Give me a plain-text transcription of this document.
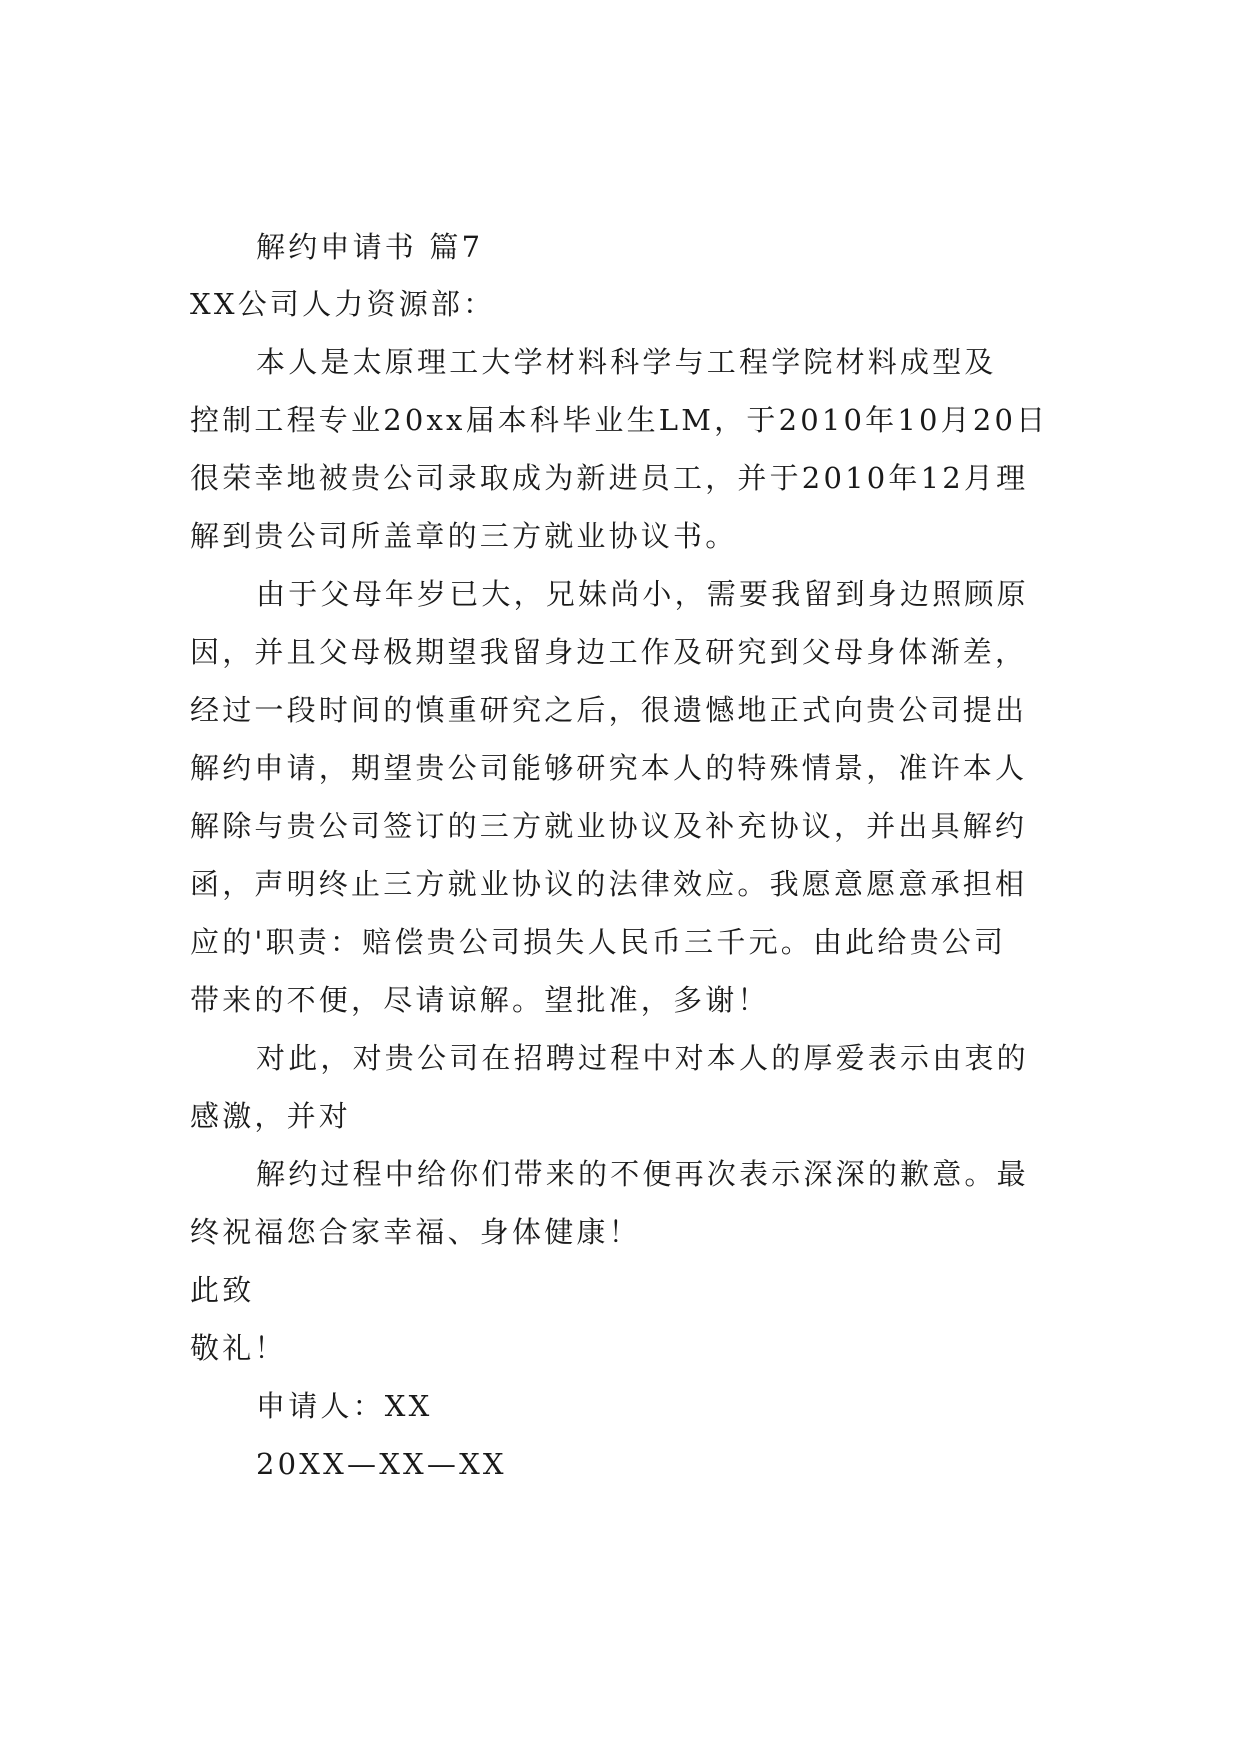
解约申请书 篇7
XX公司人力资源部：
本人是太原理工大学材料科学与工程学院材料成型及
控制工程专业20xx届本科毕业生LM，于2010年10月20日
很荣幸地被贵公司录取成为新进员工，并于2010年12月理
解到贵公司所盖章的三方就业协议书。
由于父母年岁已大，兄妹尚小，需要我留到身边照顾原
因，并且父母极期望我留身边工作及研究到父母身体渐差，
经过一段时间的慎重研究之后，很遗憾地正式向贵公司提出
解约申请，期望贵公司能够研究本人的特殊情景，准许本人
解除与贵公司签订的三方就业协议及补充协议，并出具解约
函，声明终止三方就业协议的法律效应。我愿意愿意承担相
应的'职责：赔偿贵公司损失人民币三千元。由此给贵公司
带来的不便，尽请谅解。望批准，多谢！
对此，对贵公司在招聘过程中对本人的厚爱表示由衷的
感激，并对
解约过程中给你们带来的不便再次表示深深的歉意。最
终祝福您合家幸福、身体健康！
此致
敬礼！
申请人：XX
20XX—XX—XX
